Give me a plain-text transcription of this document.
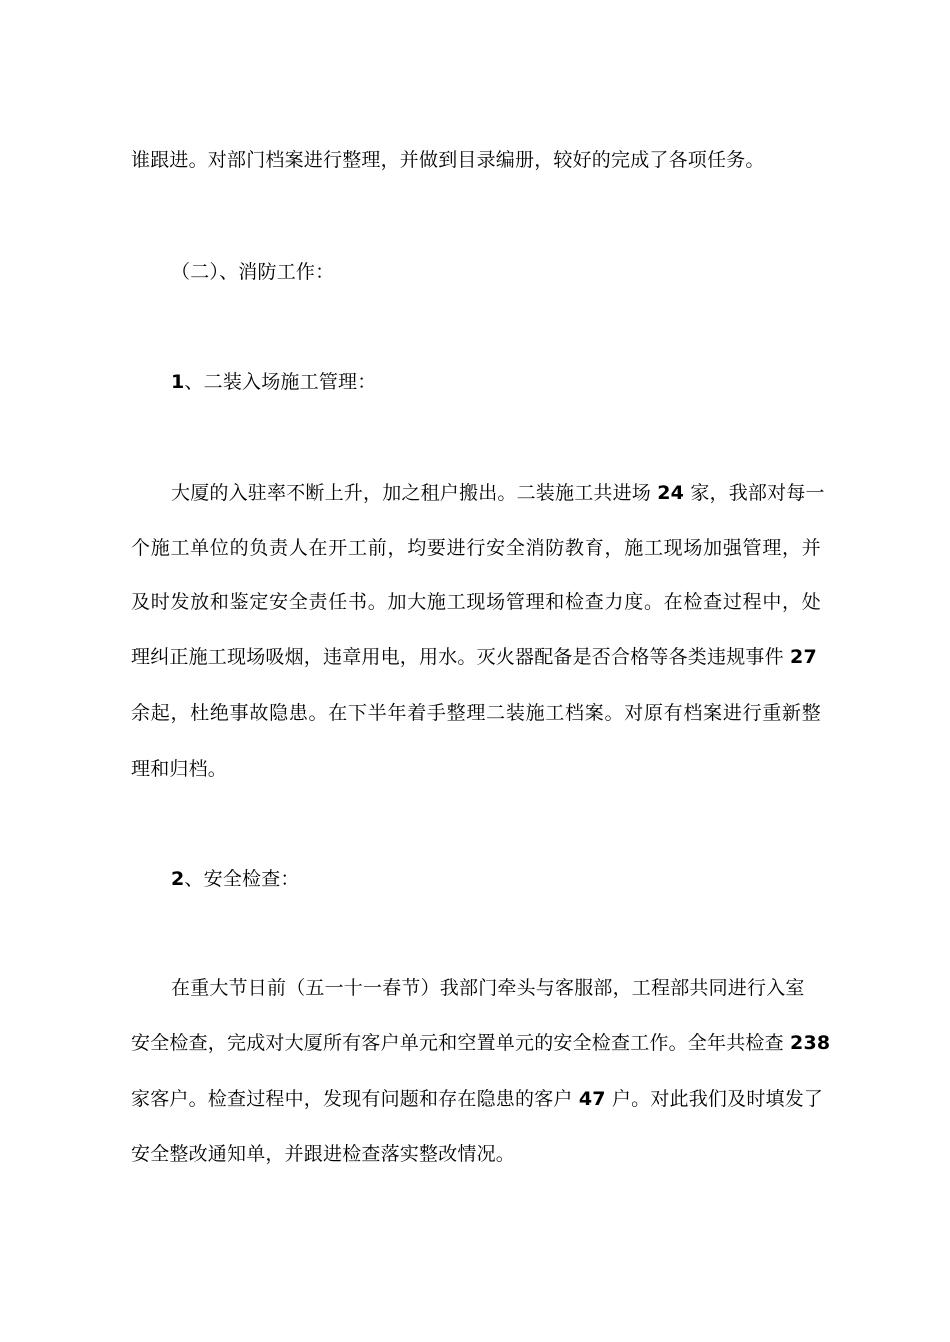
谁跟进。对部门档案进行整理，并做到目录编册，较好的完成了各项任务。
（二）、消防工作：
1、二装入场施工管理：
大厦的入驻率不断上升，加之租户搬出。二装施工共进场 24 家，我部对每一
个施工单位的负责人在开工前，均要进行安全消防教育，施工现场加强管理，并
及时发放和鉴定安全责任书。加大施工现场管理和检查力度。在检查过程中，处
理纠正施工现场吸烟，违章用电，用水。灭火器配备是否合格等各类违规事件 27
余起，杜绝事故隐患。在下半年着手整理二装施工档案。对原有档案进行重新整
理和归档。
2、安全检查：
在重大节日前（五一十一春节）我部门牵头与客服部，工程部共同进行入室
安全检查，完成对大厦所有客户单元和空置单元的安全检查工作。全年共检查 238
家客户。检查过程中，发现有问题和存在隐患的客户 47 户。对此我们及时填发了
安全整改通知单，并跟进检查落实整改情况。
